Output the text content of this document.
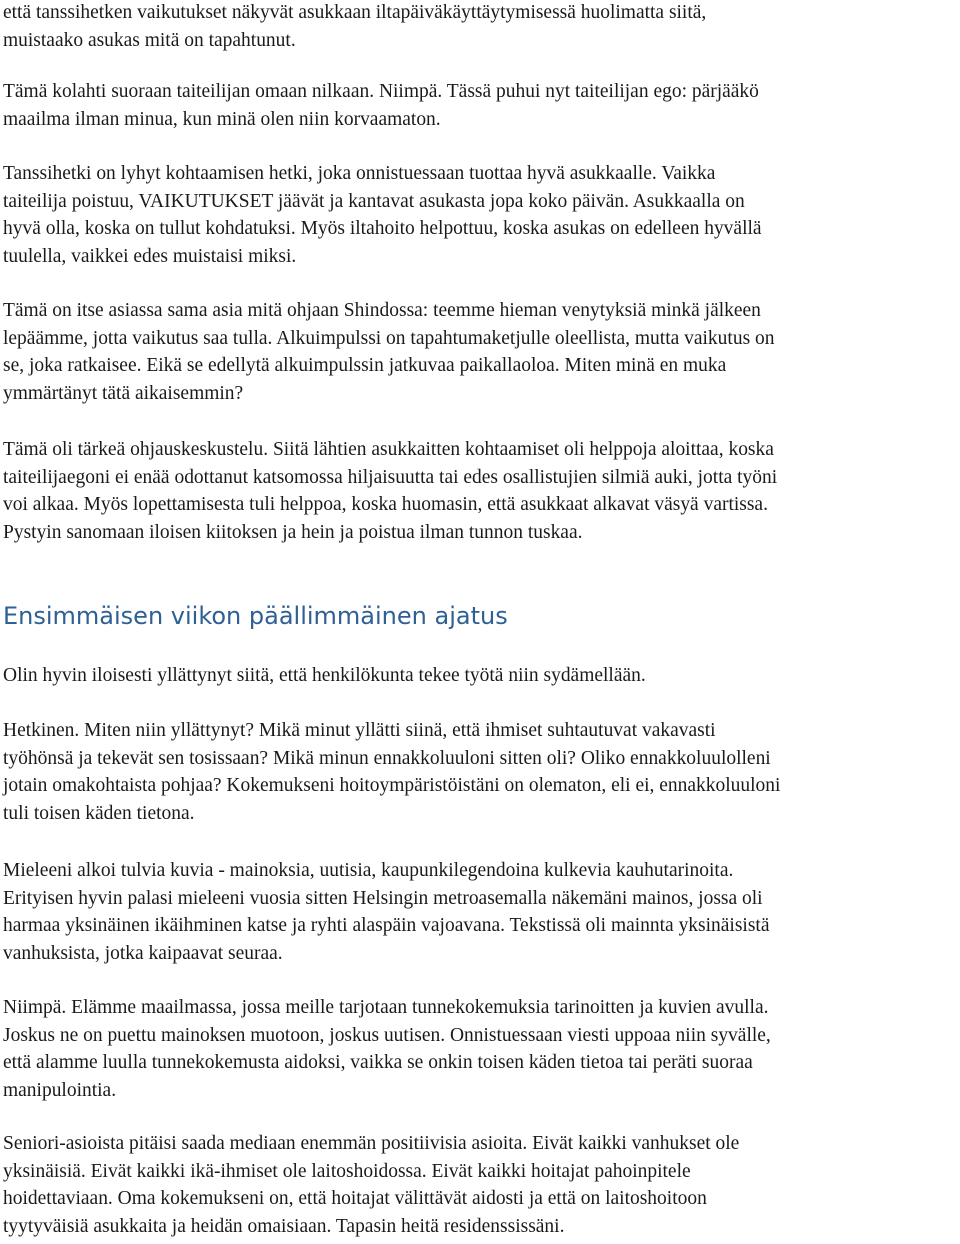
että tanssihetken vaikutukset näkyvät asukkaan iltapäiväkäyttäytymisessä huolimatta siitä,
muistaako asukas mitä on tapahtunut.

Tämä kolahti suoraan taiteilijan omaan nilkaan. Niimpä. Tässä puhui nyt taiteilijan ego: pärjääkö
maailma ilman minua, kun minä olen niin korvaamaton.

Tanssihetki on lyhyt kohtaamisen hetki, joka onnistuessaan tuottaa hyvä asukkaalle. Vaikka
taiteilija poistuu, VAIKUTUKSET jäävät ja kantavat asukasta jopa koko päivän. Asukkaalla on
hyvä olla, koska on tullut kohdatuksi. Myös iltahoito helpottuu, koska asukas on edelleen hyvällä
tuulella, vaikkei edes muistaisi miksi.

Tämä on itse asiassa sama asia mitä ohjaan Shindossa: teemme hieman venytyksiä minkä jälkeen
lepäämme, jotta vaikutus saa tulla. Alkuimpulssi on tapahtumaketjulle oleellista, mutta vaikutus on
se, joka ratkaisee. Eikä se edellytä alkuimpulssin jatkuvaa paikallaoloa. Miten minä en muka
ymmärtänyt tätä aikaisemmin?

Tämä oli tärkeä ohjauskeskustelu. Siitä lähtien asukkaitten kohtaamiset oli helppoja aloittaa, koska
taiteilijaegoni ei enää odottanut katsomossa hiljaisuutta tai edes osallistujien silmiä auki, jotta työni
voi alkaa. Myös lopettamisesta tuli helppoa, koska huomasin, että asukkaat alkavat väsyä vartissa.
Pystyin sanomaan iloisen kiitoksen ja hein ja poistua ilman tunnon tuskaa.

Ensimmäisen viikon päällimmäinen ajatus

Olin hyvin iloisesti yllättynyt siitä, että henkilökunta tekee työtä niin sydämellään.

Hetkinen. Miten niin yllättynyt? Mikä minut yllätti siinä, että ihmiset suhtautuvat vakavasti
työhönsä ja tekevät sen tosissaan? Mikä minun ennakkoluuloni sitten oli? Oliko ennakkoluulolleni
jotain omakohtaista pohjaa? Kokemukseni hoitoympäristöistäni on olematon, eli ei, ennakkoluuloni
tuli toisen käden tietona.

Mieleeni alkoi tulvia kuvia - mainoksia, uutisia, kaupunkilegendoina kulkevia kauhutarinoita.
Erityisen hyvin palasi mieleeni vuosia sitten Helsingin metroasemalla näkemäni mainos, jossa oli
harmaa yksinäinen ikäihminen katse ja ryhti alaspäin vajoavana. Tekstissä oli mainnta yksinäisistä
vanhuksista, jotka kaipaavat seuraa.

Niimpä. Elämme maailmassa, jossa meille tarjotaan tunnekokemuksia tarinoitten ja kuvien avulla.
Joskus ne on puettu mainoksen muotoon, joskus uutisen. Onnistuessaan viesti uppoaa niin syvälle,
että alamme luulla tunnekokemusta aidoksi, vaikka se onkin toisen käden tietoa tai peräti suoraa
manipulointia.

Seniori-asioista pitäisi saada mediaan enemmän positiivisia asioita. Eivät kaikki vanhukset ole
yksinäisiä. Eivät kaikki ikä-ihmiset ole laitoshoidossa. Eivät kaikki hoitajat pahoinpitele
hoidettaviaan. Oma kokemukseni on, että hoitajat välittävät aidosti ja että on laitoshoitoon
tyytyväisiä asukkaita ja heidän omaisiaan. Tapasin heitä residenssissäni.
